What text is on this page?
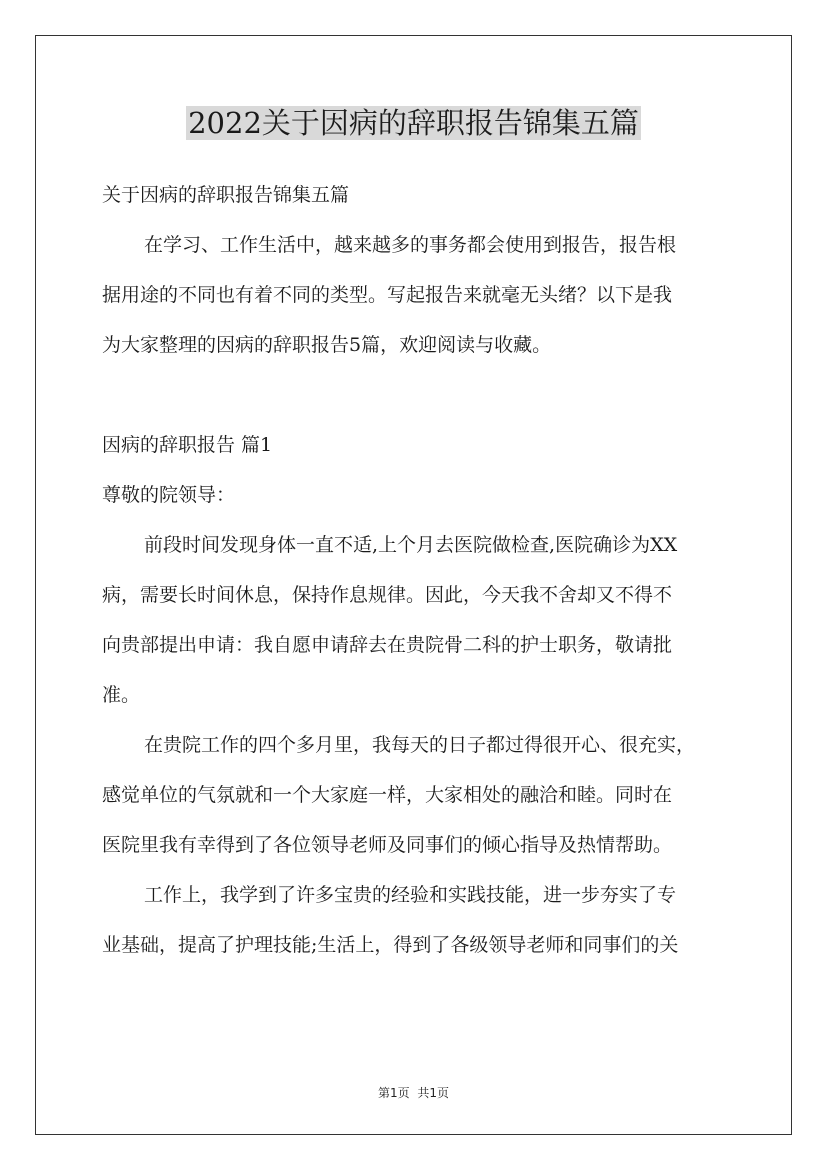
2022关于因病的辞职报告锦集五篇

关于因病的辞职报告锦集五篇

在学习、工作生活中，越来越多的事务都会使用到报告，报告根

据用途的不同也有着不同的类型。写起报告来就毫无头绪？以下是我

为大家整理的因病的辞职报告5篇，欢迎阅读与收藏。

因病的辞职报告 篇1

尊敬的院领导：

前段时间发现身体一直不适,上个月去医院做检查,医院确诊为XX

病，需要长时间休息，保持作息规律。因此，今天我不舍却又不得不

向贵部提出申请：我自愿申请辞去在贵院骨二科的护士职务，敬请批

准。

在贵院工作的四个多月里，我每天的日子都过得很开心、很充实，

感觉单位的气氛就和一个大家庭一样，大家相处的融洽和睦。同时在

医院里我有幸得到了各位领导老师及同事们的倾心指导及热情帮助。

工作上，我学到了许多宝贵的经验和实践技能，进一步夯实了专

业基础，提高了护理技能;生活上，得到了各级领导老师和同事们的关

第1页 共1页
